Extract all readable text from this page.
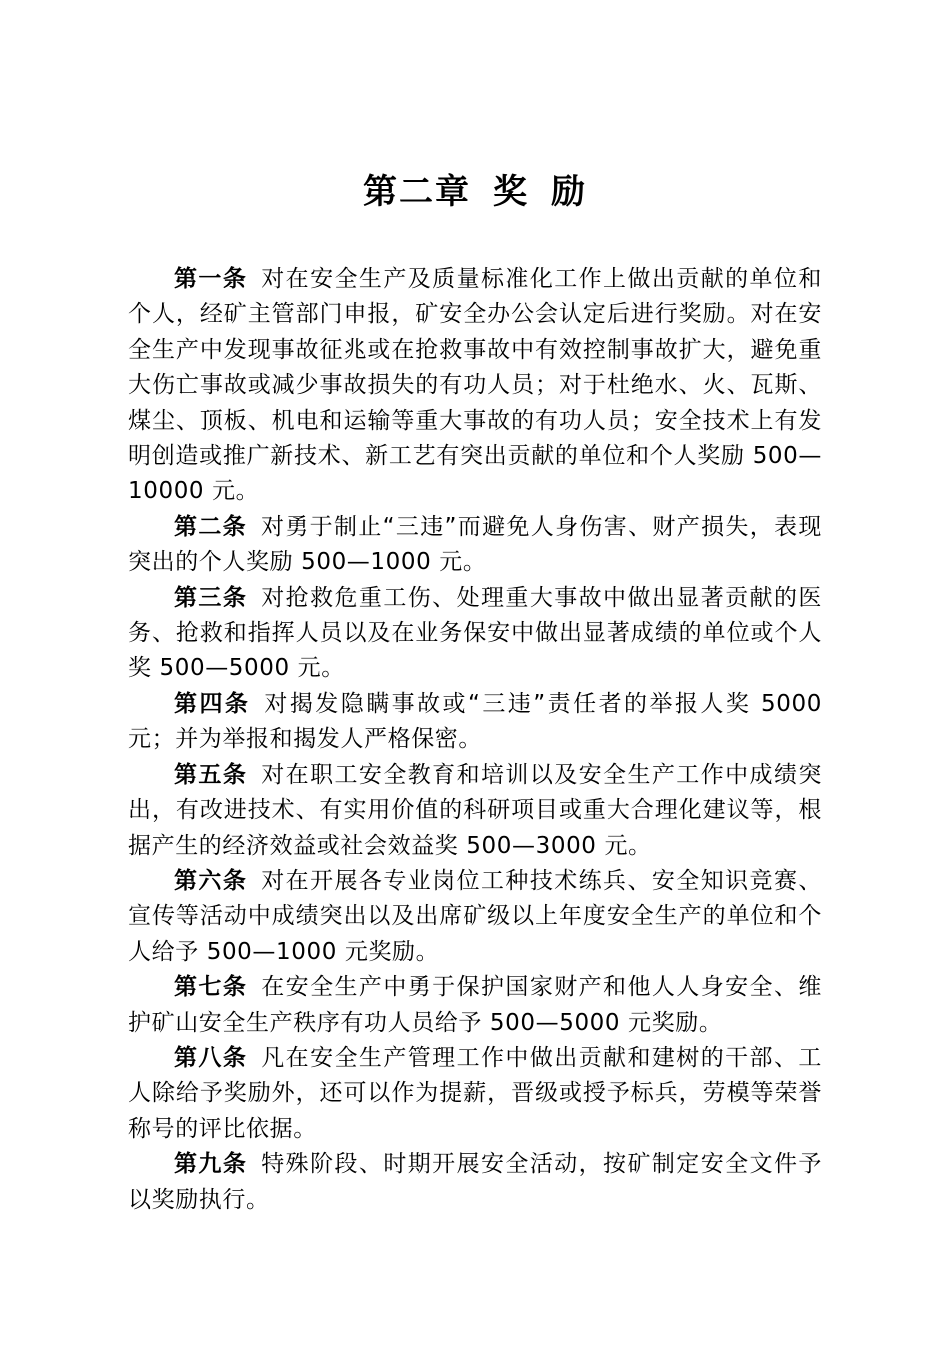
第二章 奖 励

第一条 对在安全生产及质量标准化工作上做出贡献的单位和个人，经矿主管部门申报，矿安全办公会认定后进行奖励。对在安全生产中发现事故征兆或在抢救事故中有效控制事故扩大，避免重大伤亡事故或减少事故损失的有功人员；对于杜绝水、火、瓦斯、煤尘、顶板、机电和运输等重大事故的有功人员；安全技术上有发明创造或推广新技术、新工艺有突出贡献的单位和个人奖励 500—10000 元。

第二条 对勇于制止“三违”而避免人身伤害、财产损失，表现突出的个人奖励 500—1000 元。

第三条 对抢救危重工伤、处理重大事故中做出显著贡献的医务、抢救和指挥人员以及在业务保安中做出显著成绩的单位或个人奖 500—5000 元。

第四条 对揭发隐瞒事故或“三违”责任者的举报人奖 5000 元；并为举报和揭发人严格保密。

第五条 对在职工安全教育和培训以及安全生产工作中成绩突出，有改进技术、有实用价值的科研项目或重大合理化建议等，根据产生的经济效益或社会效益奖 500—3000 元。

第六条 对在开展各专业岗位工种技术练兵、安全知识竞赛、宣传等活动中成绩突出以及出席矿级以上年度安全生产的单位和个人给予 500—1000 元奖励。

第七条 在安全生产中勇于保护国家财产和他人人身安全、维护矿山安全生产秩序有功人员给予 500—5000 元奖励。

第八条 凡在安全生产管理工作中做出贡献和建树的干部、工人除给予奖励外，还可以作为提薪，晋级或授予标兵，劳模等荣誉称号的评比依据。

第九条 特殊阶段、时期开展安全活动，按矿制定安全文件予以奖励执行。
